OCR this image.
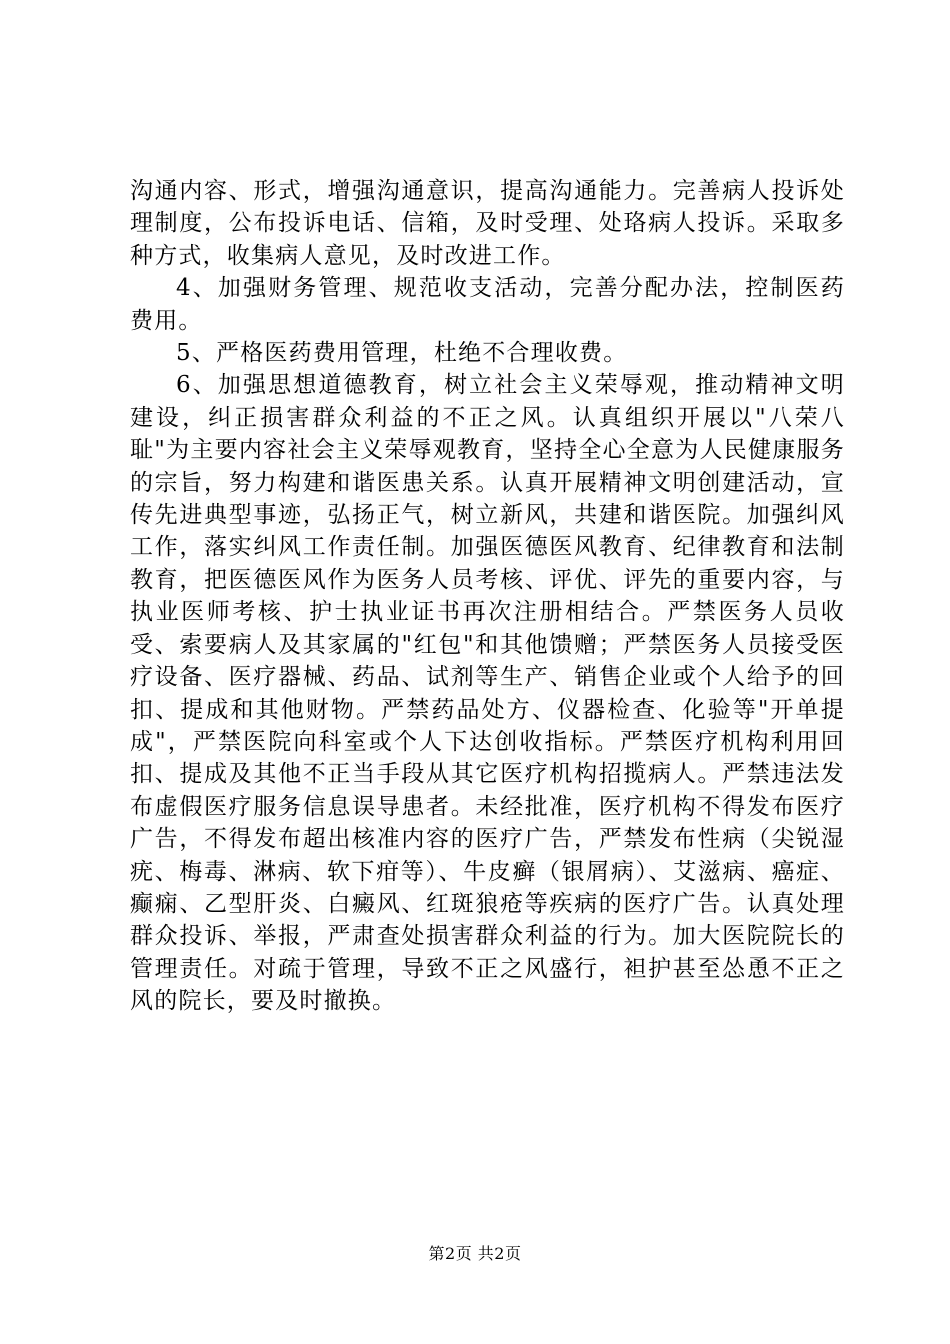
沟通内容、形式，增强沟通意识，提高沟通能力。完善病人投诉处理制度，公布投诉电话、信箱，及时受理、处珞病人投诉。采取多种方式，收集病人意见，及时改进工作。

4、加强财务管理、规范收支活动，完善分配办法，控制医药费用。

5、严格医药费用管理，杜绝不合理收费。

6、加强思想道德教育，树立社会主义荣辱观，推动精神文明建设，纠正损害群众利益的不正之风。认真组织开展以"八荣八耻"为主要内容社会主义荣辱观教育，坚持全心全意为人民健康服务的宗旨，努力构建和谐医患关系。认真开展精神文明创建活动，宣传先进典型事迹，弘扬正气，树立新风，共建和谐医院。加强纠风工作，落实纠风工作责任制。加强医德医风教育、纪律教育和法制教育，把医德医风作为医务人员考核、评优、评先的重要内容，与执业医师考核、护士执业证书再次注册相结合。严禁医务人员收受、索要病人及其家属的"红包"和其他馈赠；严禁医务人员接受医疗设备、医疗器械、药品、试剂等生产、销售企业或个人给予的回扣、提成和其他财物。严禁药品处方、仪器检查、化验等"开单提成"，严禁医院向科室或个人下达创收指标。严禁医疗机构利用回扣、提成及其他不正当手段从其它医疗机构招揽病人。严禁违法发布虚假医疗服务信息误导患者。未经批准，医疗机构不得发布医疗广告，不得发布超出核准内容的医疗广告，严禁发布性病（尖锐湿疣、梅毒、淋病、软下疳等）、牛皮癣（银屑病）、艾滋病、癌症、癫痫、乙型肝炎、白癜风、红斑狼疮等疾病的医疗广告。认真处理群众投诉、举报，严肃查处损害群众利益的行为。加大医院院长的管理责任。对疏于管理，导致不正之风盛行，袒护甚至怂恿不正之风的院长，要及时撤换。

第2页 共2页
